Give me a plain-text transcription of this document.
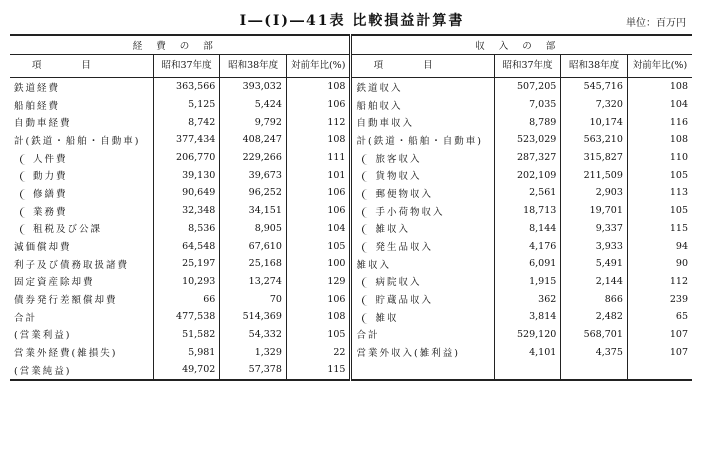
I―(I)―41表 比較損益計算書	単位：百万円
経費の部				収入の部			
項目	昭和37年度	昭和38年度	対前年比(%)	項目	昭和37年度	昭和38年度	対前年比(%)
鉄道経費	363,566	393,032	108	鉄道収入	507,205	545,716	108
船舶経費	5,125	5,424	106	船舶収入	7,035	7,320	104
自動車経費	8,742	9,792	112	自動車収入	8,789	10,174	116
計(鉄道・船舶・自動車)	377,434	408,247	108	計(鉄道・船舶・自動車)	523,029	563,210	108
人件費	206,770	229,266	111	旅客収入	287,327	315,827	110
動力費	39,130	39,673	101	貨物収入	202,109	211,509	105
修繕費	90,649	96,252	106	郵便物収入	2,561	2,903	113
業務費	32,348	34,151	106	手小荷物収入	18,713	19,701	105
租税及び公課	8,536	8,905	104	雑収入	8,144	9,337	115
減価償却費	64,548	67,610	105	発生品収入	4,176	3,933	94
利子及び債務取扱諸費	25,197	25,168	100	雑収入	6,091	5,491	90
固定資産除却費	10,293	13,274	129	病院収入	1,915	2,144	112
債券発行差額償却費	66	70	106	貯蔵品収入	362	866	239
合計	477,538	514,369	108	雑収	3,814	2,482	65
(営業利益)	51,582	54,332	105	合計	529,120	568,701	107
営業外経費(雑損失)	5,981	1,329	22	営業外収入(雑利益)	4,101	4,375	107
(営業純益)	49,702	57,378	115				
